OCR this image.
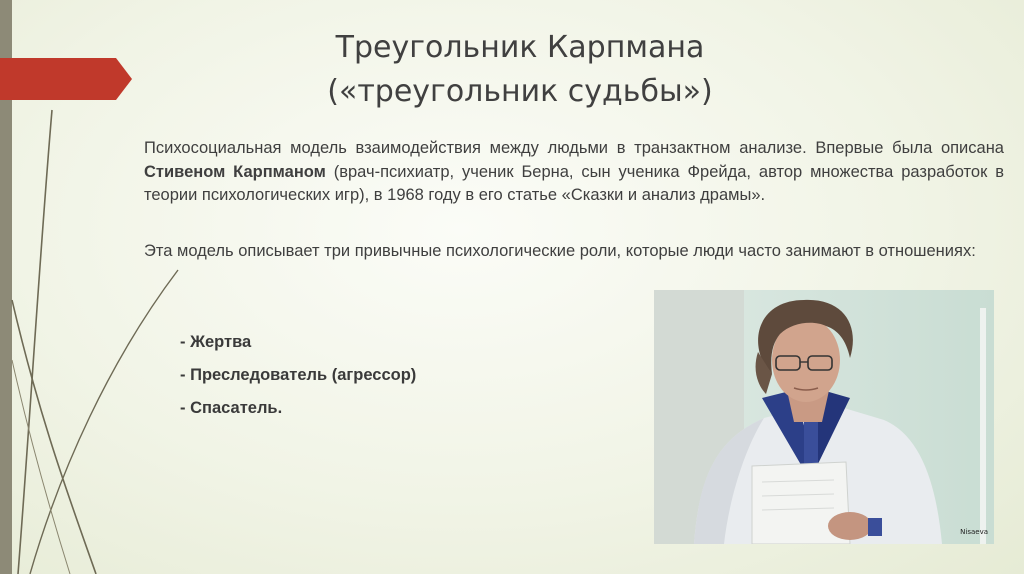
Треугольник Карпмана
(«треугольник судьбы»)

Психосоциальная модель взаимодействия между людьми в транзактном анализе. Впервые была описана Стивеном Карпманом (врач-психиатр, ученик Берна, сын ученика Фрейда, автор множества разработок в теории психологических игр), в 1968 году в его статье «Сказки и анализ драмы».

Эта модель описывает три привычные психологические роли, которые люди часто занимают в отношениях:

- Жертва
- Преследователь (агрессор)
- Спасатель.
Nisaeva
